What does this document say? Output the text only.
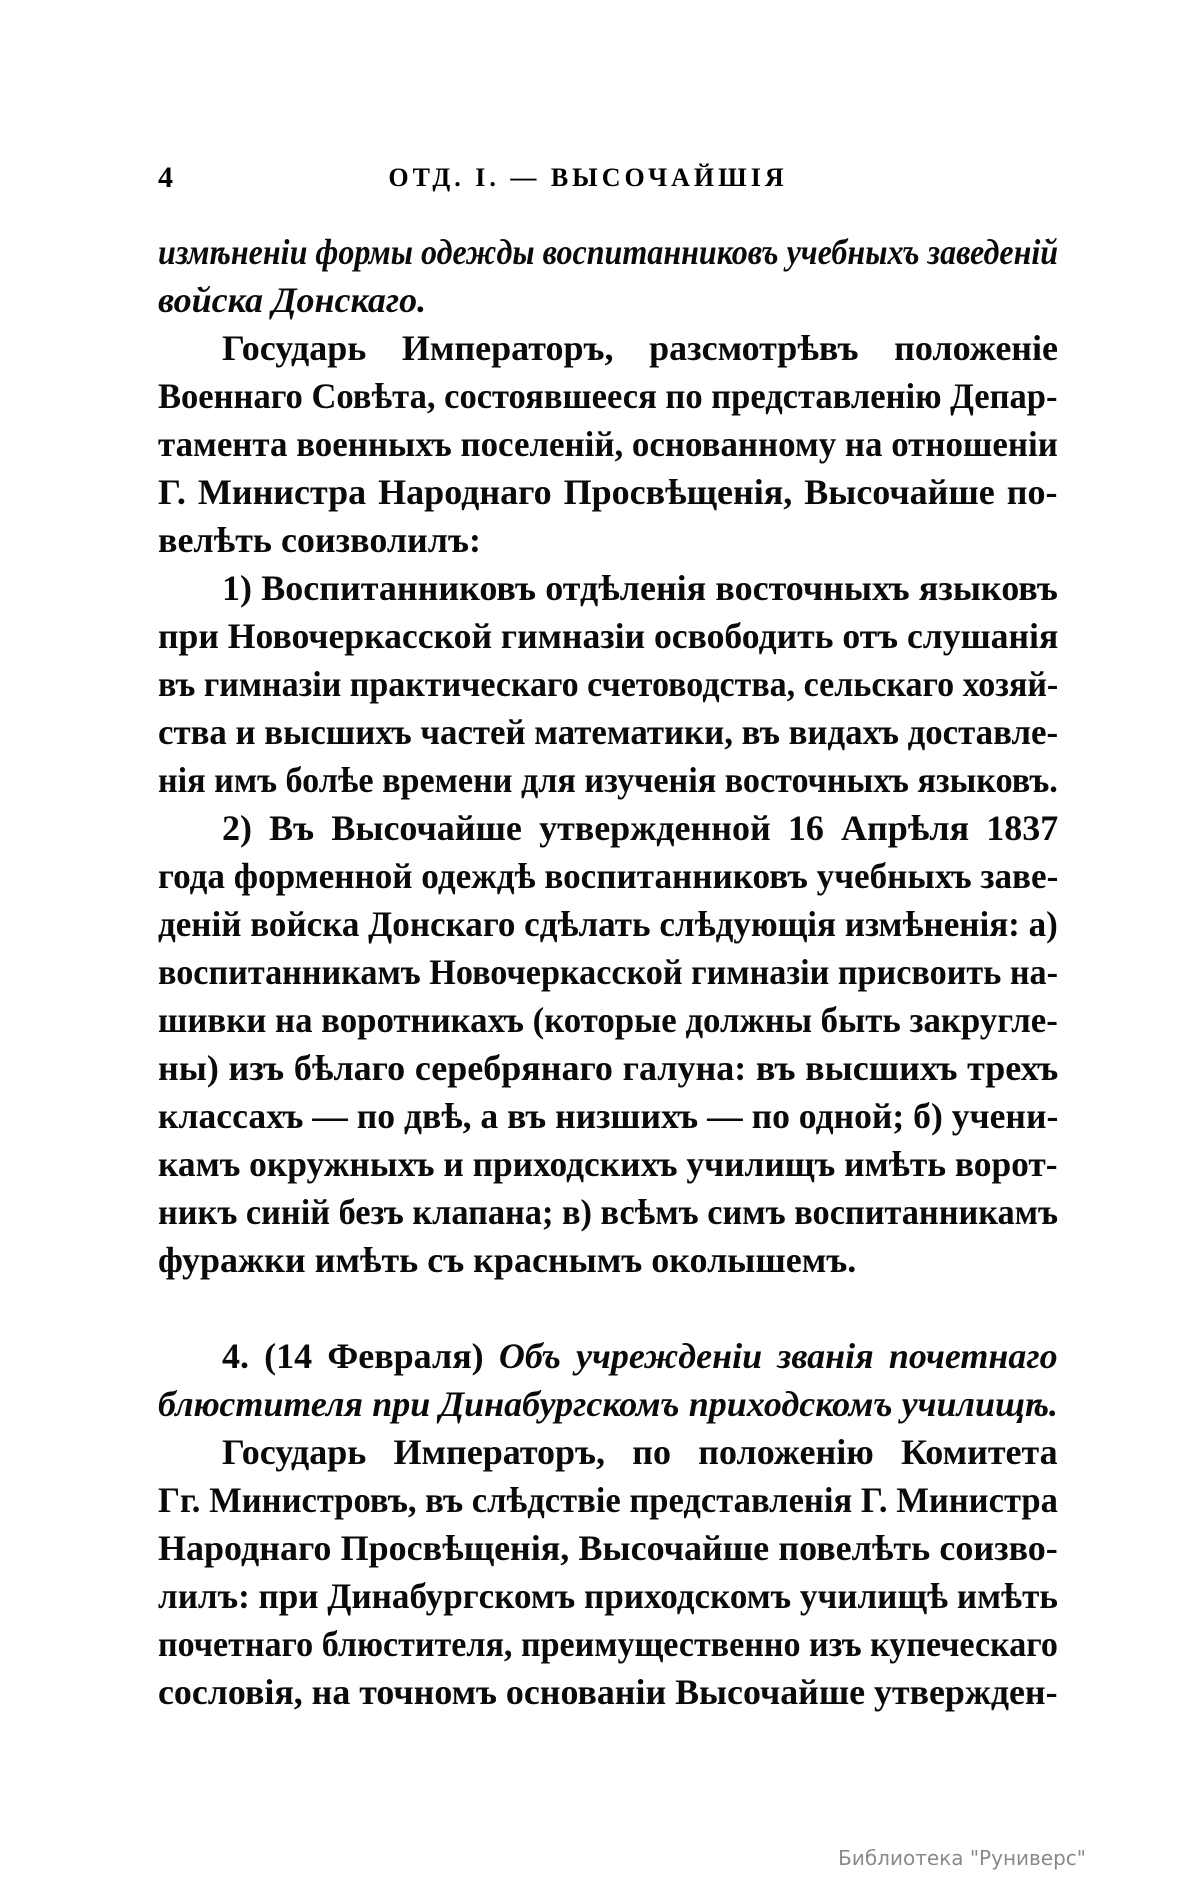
4	ОТД. I. — ВЫСОЧАЙШІЯ
измѣненіи формы одежды воспитанниковъ учебныхъ заведеній
войска Донскаго.
Государь Императоръ, разсмотрѣвъ положеніе
Военнаго Совѣта, состоявшееся по представленію Депар-
тамента военныхъ поселеній, основанному на отношеніи
Г. Министра Народнаго Просвѣщенія, Высочайше по-
велѣть соизволилъ:
1) Воспитанниковъ отдѣленія восточныхъ языковъ
при Новочеркасской гимназіи освободить отъ слушанія
въ гимназіи практическаго счетоводства, сельскаго хозяй-
ства и высшихъ частей математики, въ видахъ доставле-
нія имъ болѣе времени для изученія восточныхъ языковъ.
2) Въ Высочайше утвержденной 16 Апрѣля 1837
года форменной одеждѣ воспитанниковъ учебныхъ заве-
деній войска Донскаго сдѣлать слѣдующія измѣненія: а)
воспитанникамъ Новочеркасской гимназіи присвоить на-
шивки на воротникахъ (которые должны быть закругле-
ны) изъ бѣлаго серебрянаго галуна: въ высшихъ трехъ
классахъ — по двѣ, а въ низшихъ — по одной; б) учени-
камъ окружныхъ и приходскихъ училищъ имѣть ворот-
никъ синій безъ клапана; в) всѣмъ симъ воспитанникамъ
фуражки имѣть съ краснымъ околышемъ.
4. (14 Февраля) Объ учрежденіи званія почетнаго
блюстителя при Динабургскомъ приходскомъ училищѣ.
Государь Императоръ, по положенію Комитета
Гг. Министровъ, въ слѣдствіе представленія Г. Министра
Народнаго Просвѣщенія, Высочайше повелѣть соизво-
лилъ: при Динабургскомъ приходскомъ училищѣ имѣть
почетнаго блюстителя, преимущественно изъ купеческаго
сословія, на точномъ основаніи Высочайше утвержден-
Библиотека "Руниверс"
